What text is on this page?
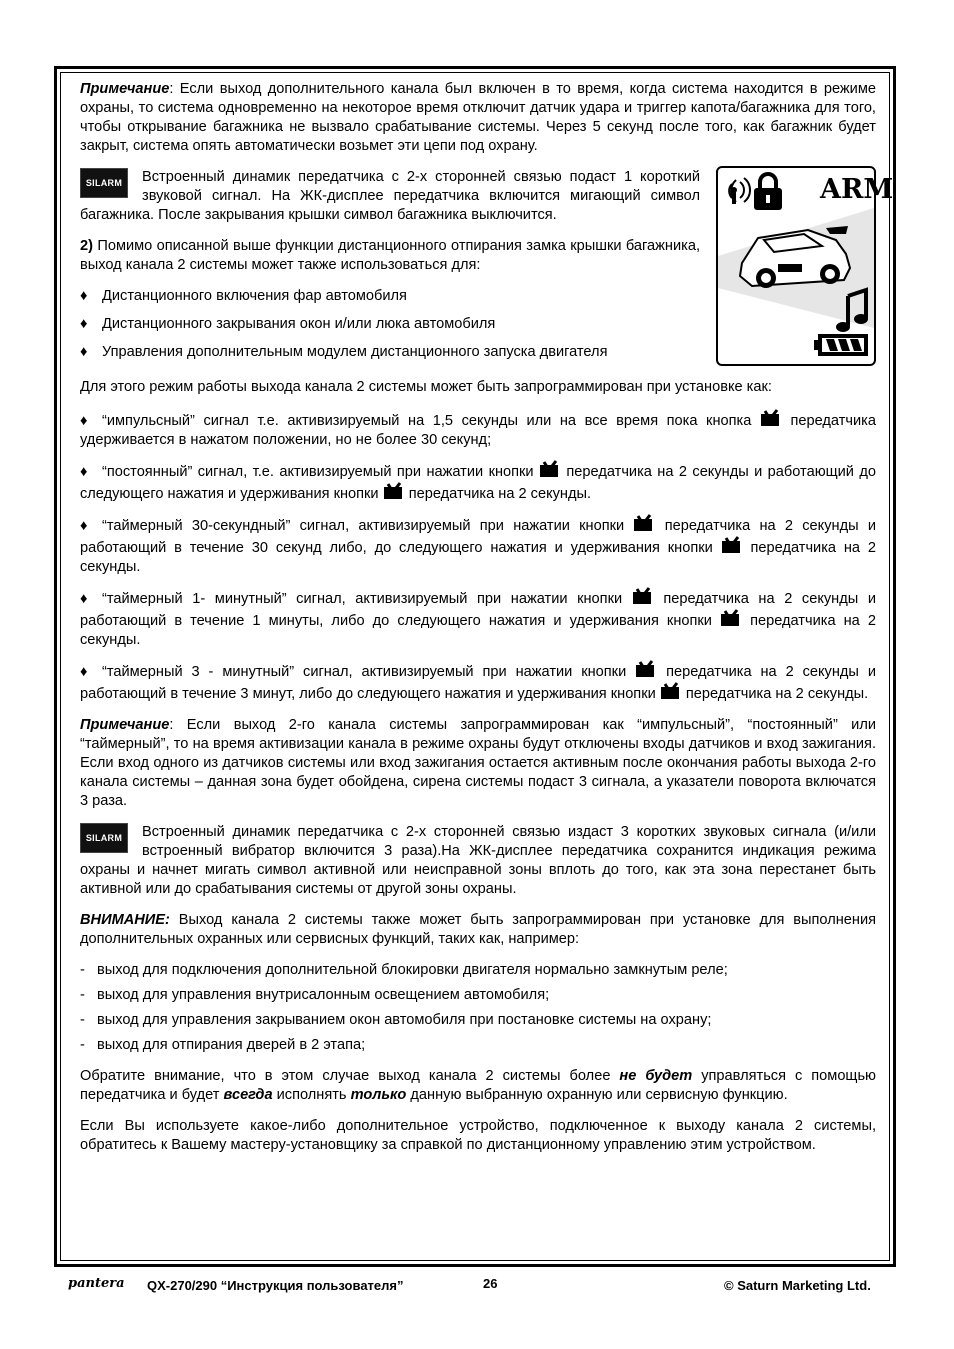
ARM

Примечание: Если выход дополнительного канала был включен в то время, когда система находится в режиме охраны, то система одновременно на некоторое время отключит датчик удара и триггер капота/багажника для того, чтобы открывание багажника не вызвало срабатывание системы. Через 5 секунд после того, как багажник будет закрыт, система опять автоматически возьмет эти цепи под охрану.

SILARM	Встроенный динамик передатчика с 2-х сторонней связью подаст 1 короткий звуковой сигнал. На ЖК-дисплее передатчика включится мигающий символ багажника. После закрывания крышки символ багажника выключится.

2) Помимо описанной выше функции дистанционного отпирания замка крышки багажника, выход канала 2 системы может также использоваться для:

♦ Дистанционного включения фар автомобиля
♦ Дистанционного закрывания окон и/или люка автомобиля
♦ Управления дополнительным модулем дистанционного запуска двигателя

Для этого режим работы выхода канала 2 системы может быть запрограммирован при установке как:

♦ “импульсный” сигнал т.е. активизируемый на 1,5 секунды или на все время пока кнопка	передатчика удерживается в нажатом положении, но не более 30 секунд;
♦ “постоянный” сигнал, т.е. активизируемый при нажатии кнопки передатчика на 2 секунды и работающий до следующего нажатия и удерживания кнопки передатчика на 2 секунды.
♦ “таймерный 30-секундный” сигнал, активизируемый при нажатии кнопки	передатчика на 2 секунды и работающий в течение 30 секунд либо, до следующего нажатия и удерживания кнопки	передатчика на 2 секунды.
♦ “таймерный 1- минутный” сигнал, активизируемый при нажатии кнопки	передатчика на 2 секунды и работающий в течение 1 минуты, либо до следующего нажатия и удерживания кнопки	передатчика на 2 секунды.
♦ “таймерный 3 - минутный” сигнал, активизируемый при нажатии кнопки	передатчика на 2 секунды и работающий в течение 3 минут, либо до следующего нажатия и удерживания кнопки передатчика на 2 секунды.

Примечание: Если выход 2-го канала системы запрограммирован как “импульсный”, “постоянный” или “таймерный”, то на время активизации канала в режиме охраны будут отключены входы датчиков и вход зажигания. Если вход одного из датчиков системы или вход зажигания остается активным после окончания работы выхода 2-го канала системы – данная зона будет обойдена, сирена системы подаст 3 сигнала, а указатели поворота включатся 3 раза.

SILARM	Встроенный динамик передатчика с 2-х сторонней связью издаст 3 коротких звуковых сигнала (и/или встроенный вибратор включится 3 раза).На ЖК-дисплее передатчика сохранится индикация режима охраны и начнет мигать символ активной или неисправной зоны вплоть до того, как эта зона перестанет быть активной или до срабатывания системы от другой зоны охраны.

ВНИМАНИЕ: Выход канала 2 системы также может быть запрограммирован при установке для выполнения дополнительных охранных или сервисных функций, таких как, например:

- выход для подключения дополнительной блокировки двигателя нормально замкнутым реле;
- выход для управления внутрисалонным освещением автомобиля;
- выход для управления закрыванием окон автомобиля при постановке системы на охрану;
- выход для отпирания дверей в 2 этапа;

Обратите внимание, что в этом случае выход канала 2 системы более не будет управляться с помощью передатчика и будет всегда исполнять только данную выбранную охранную или сервисную функцию.

Если Вы используете какое-либо дополнительное устройство, подключенное к выходу канала 2 системы, обратитесь к Вашему мастеру-установщику за справкой по дистанционному управлению этим устройством.

pantera QX-270/290 “Инструкция пользователя”	26	© Saturn Marketing Ltd.
